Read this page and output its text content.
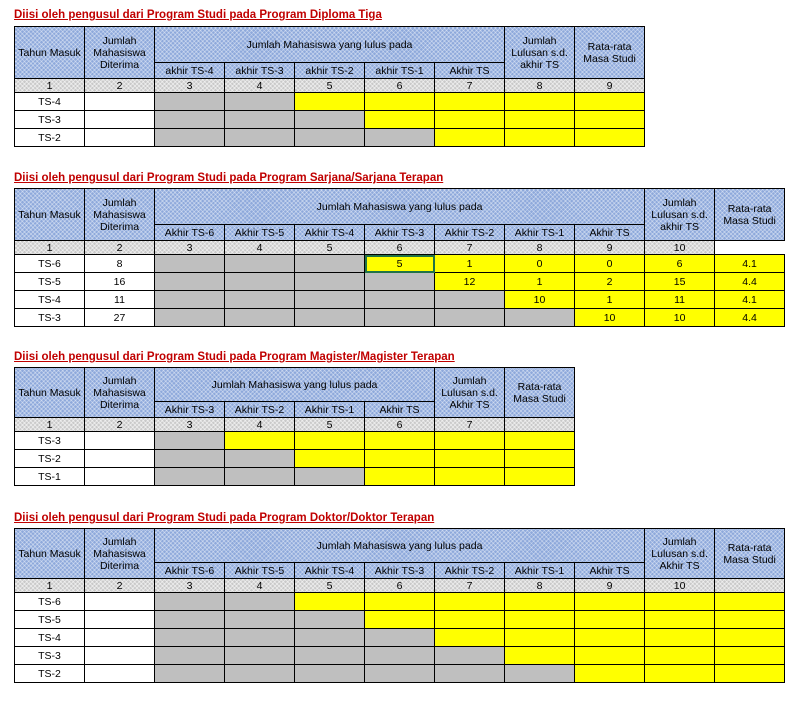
Diisi oleh pengusul dari Program Studi pada Program Diploma Tiga
Tahun Masuk	Jumlah Mahasiswa Diterima	Jumlah Mahasiswa yang lulus pada					Jumlah Lulusan s.d. akhir TS	Rata-rata Masa Studi
		akhir TS-4	akhir TS-3	akhir TS-2	akhir TS-1	Akhir TS		
1	2	3	4	5	6	7	8	9
TS-4								
TS-3								
TS-2								
Diisi oleh pengusul dari Program Studi pada Program Sarjana/Sarjana Terapan
Tahun Masuk	Jumlah Mahasiswa Diterima	Jumlah Mahasiswa yang lulus pada							Jumlah Lulusan s.d. akhir TS	Rata-rata Masa Studi
		Akhir TS-6	Akhir TS-5	Akhir TS-4	Akhir TS-3	Akhir TS-2	Akhir TS-1	Akhir TS		
1	2	3	4	5	6	7	8	9	10	
TS-6	8				5	1	0	0	6	4.1
TS-5	16					12	1	2	15	4.4
TS-4	11						10	1	11	4.1
TS-3	27							10	10	4.4
Diisi oleh pengusul dari Program Studi pada Program Magister/Magister Terapan
Tahun Masuk	Jumlah Mahasiswa Diterima	Jumlah Mahasiswa yang lulus pada				Jumlah Lulusan s.d. Akhir TS	Rata-rata Masa Studi
		Akhir TS-3	Akhir TS-2	Akhir TS-1	Akhir TS		
1	2	3	4	5	6	7	
TS-3							
TS-2							
TS-1							
Diisi oleh pengusul dari Program Studi pada Program Doktor/Doktor Terapan
Tahun Masuk	Jumlah Mahasiswa Diterima	Jumlah Mahasiswa yang lulus pada							Jumlah Lulusan s.d. Akhir TS	Rata-rata Masa Studi
		Akhir TS-6	Akhir TS-5	Akhir TS-4	Akhir TS-3	Akhir TS-2	Akhir TS-1	Akhir TS		
1	2	3	4	5	6	7	8	9	10	
TS-6										
TS-5										
TS-4										
TS-3										
TS-2										
